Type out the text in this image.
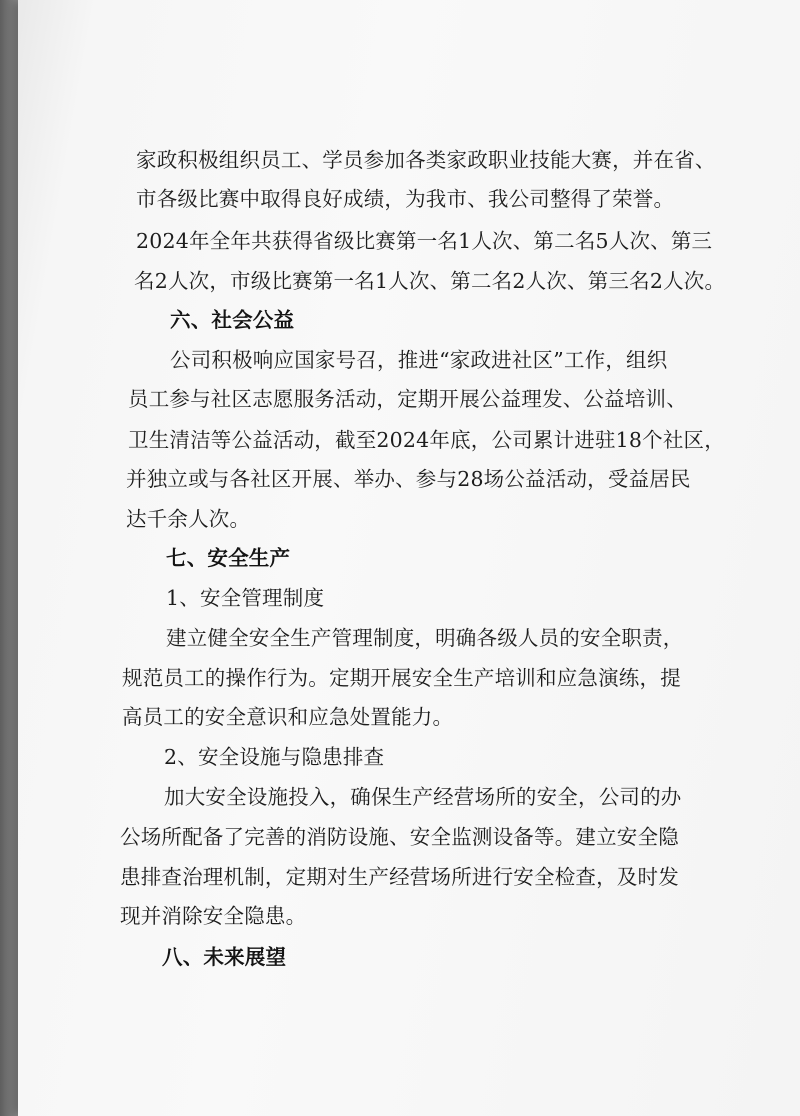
家政积极组织员工、学员参加各类家政职业技能大赛，并在省、
市各级比赛中取得良好成绩，为我市、我公司整得了荣誉。
2024年全年共获得省级比赛第一名1人次、第二名5人次、第三
名2人次，市级比赛第一名1人次、第二名2人次、第三名2人次。
六、社会公益
公司积极响应国家号召，推进“家政进社区”工作，组织
员工参与社区志愿服务活动，定期开展公益理发、公益培训、
卫生清洁等公益活动，截至2024年底，公司累计进驻18个社区，
并独立或与各社区开展、举办、参与28场公益活动，受益居民
达千余人次。
七、安全生产
1、安全管理制度
建立健全安全生产管理制度，明确各级人员的安全职责，
规范员工的操作行为。定期开展安全生产培训和应急演练，提
高员工的安全意识和应急处置能力。
2、安全设施与隐患排查
加大安全设施投入，确保生产经营场所的安全，公司的办
公场所配备了完善的消防设施、安全监测设备等。建立安全隐
患排查治理机制，定期对生产经营场所进行安全检查，及时发
现并消除安全隐患。
八、未来展望
